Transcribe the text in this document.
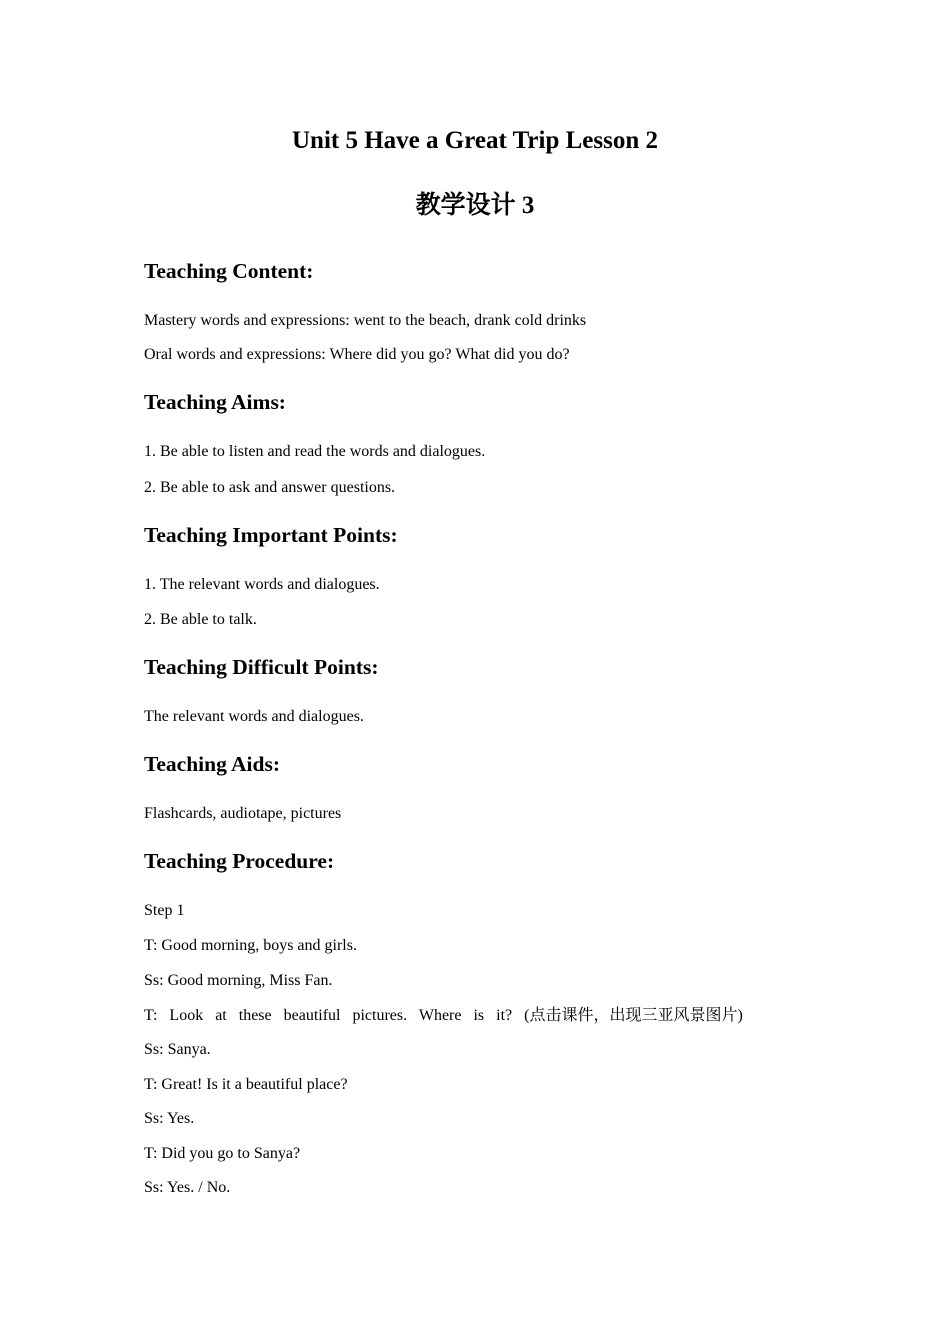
Unit 5 Have a Great Trip Lesson 2
教学设计 3
Teaching Content:
Mastery words and expressions: went to the beach, drank cold drinks
Oral words and expressions: Where did you go? What did you do?
Teaching Aims:
1. Be able to listen and read the words and dialogues.
2. Be able to ask and answer questions.
Teaching Important Points:
1. The relevant words and dialogues.
2. Be able to talk.
Teaching Difficult Points:
The relevant words and dialogues.
Teaching Aids:
Flashcards, audiotape, pictures
Teaching Procedure:
Step 1
T: Good morning, boys and girls.
Ss: Good morning, Miss Fan.
T: Look at these beautiful pictures. Where is it? (点击课件，出现三亚风景图片)
Ss: Sanya.
T: Great! Is it a beautiful place?
Ss: Yes.
T: Did you go to Sanya?
Ss: Yes. / No.
